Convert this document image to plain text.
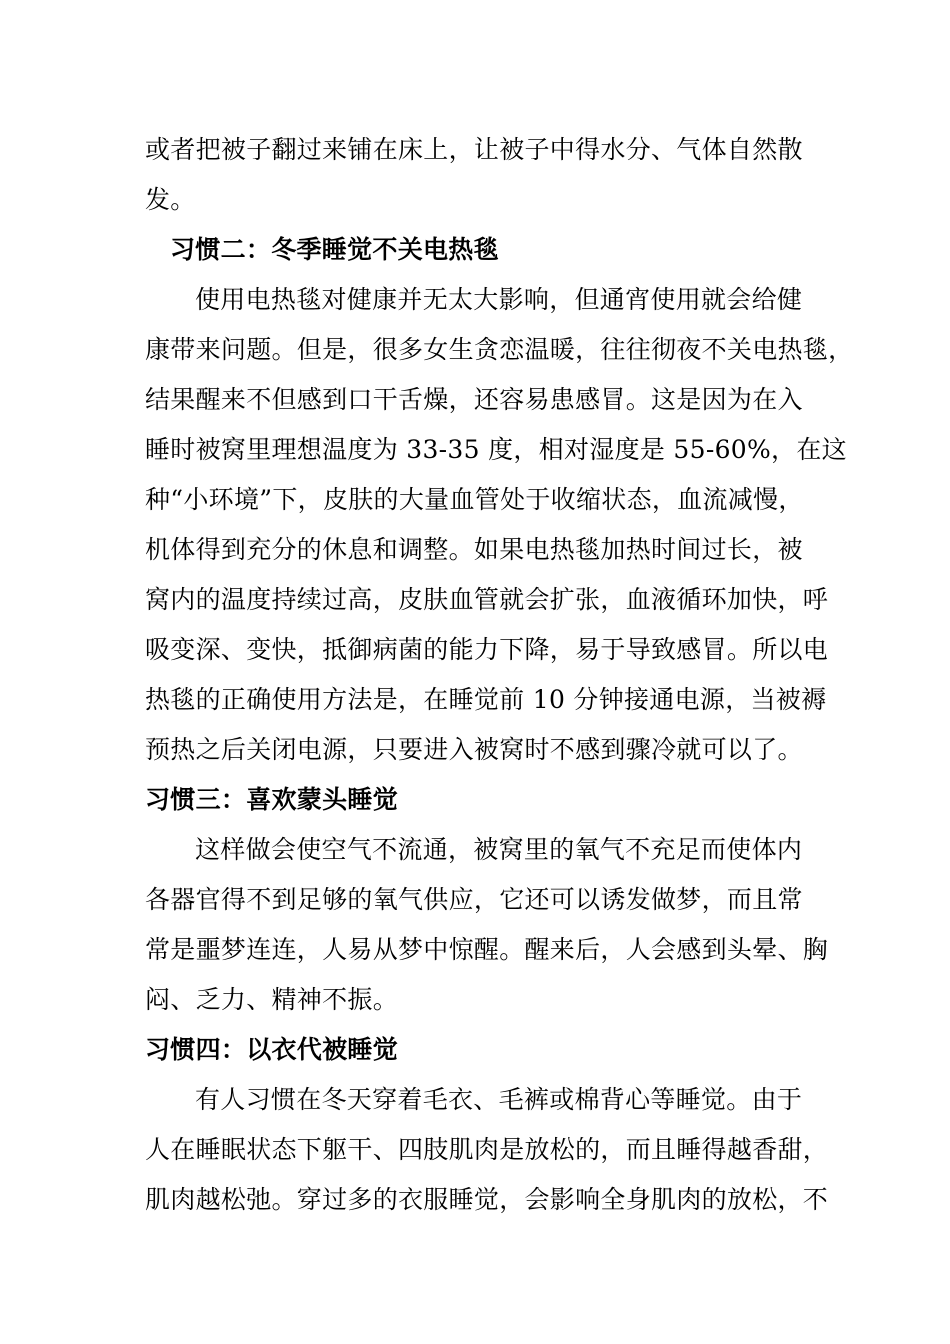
或者把被子翻过来铺在床上，让被子中得水分、气体自然散
发。
习惯二：冬季睡觉不关电热毯
使用电热毯对健康并无太大影响，但通宵使用就会给健
康带来问题。但是，很多女生贪恋温暖，往往彻夜不关电热毯，
结果醒来不但感到口干舌燥，还容易患感冒。这是因为在入
睡时被窝里理想温度为 33-35 度，相对湿度是 55-60%，在这
种“小环境”下，皮肤的大量血管处于收缩状态，血流减慢，
机体得到充分的休息和调整。如果电热毯加热时间过长，被
窝内的温度持续过高，皮肤血管就会扩张，血液循环加快，呼
吸变深、变快，抵御病菌的能力下降，易于导致感冒。所以电
热毯的正确使用方法是，在睡觉前 10 分钟接通电源，当被褥
预热之后关闭电源，只要进入被窝时不感到骤冷就可以了。
习惯三：喜欢蒙头睡觉
这样做会使空气不流通，被窝里的氧气不充足而使体内
各器官得不到足够的氧气供应，它还可以诱发做梦，而且常
常是噩梦连连，人易从梦中惊醒。醒来后，人会感到头晕、胸
闷、乏力、精神不振。
习惯四：以衣代被睡觉
有人习惯在冬天穿着毛衣、毛裤或棉背心等睡觉。由于
人在睡眠状态下躯干、四肢肌肉是放松的，而且睡得越香甜，
肌肉越松弛。穿过多的衣服睡觉，会影响全身肌肉的放松，不
